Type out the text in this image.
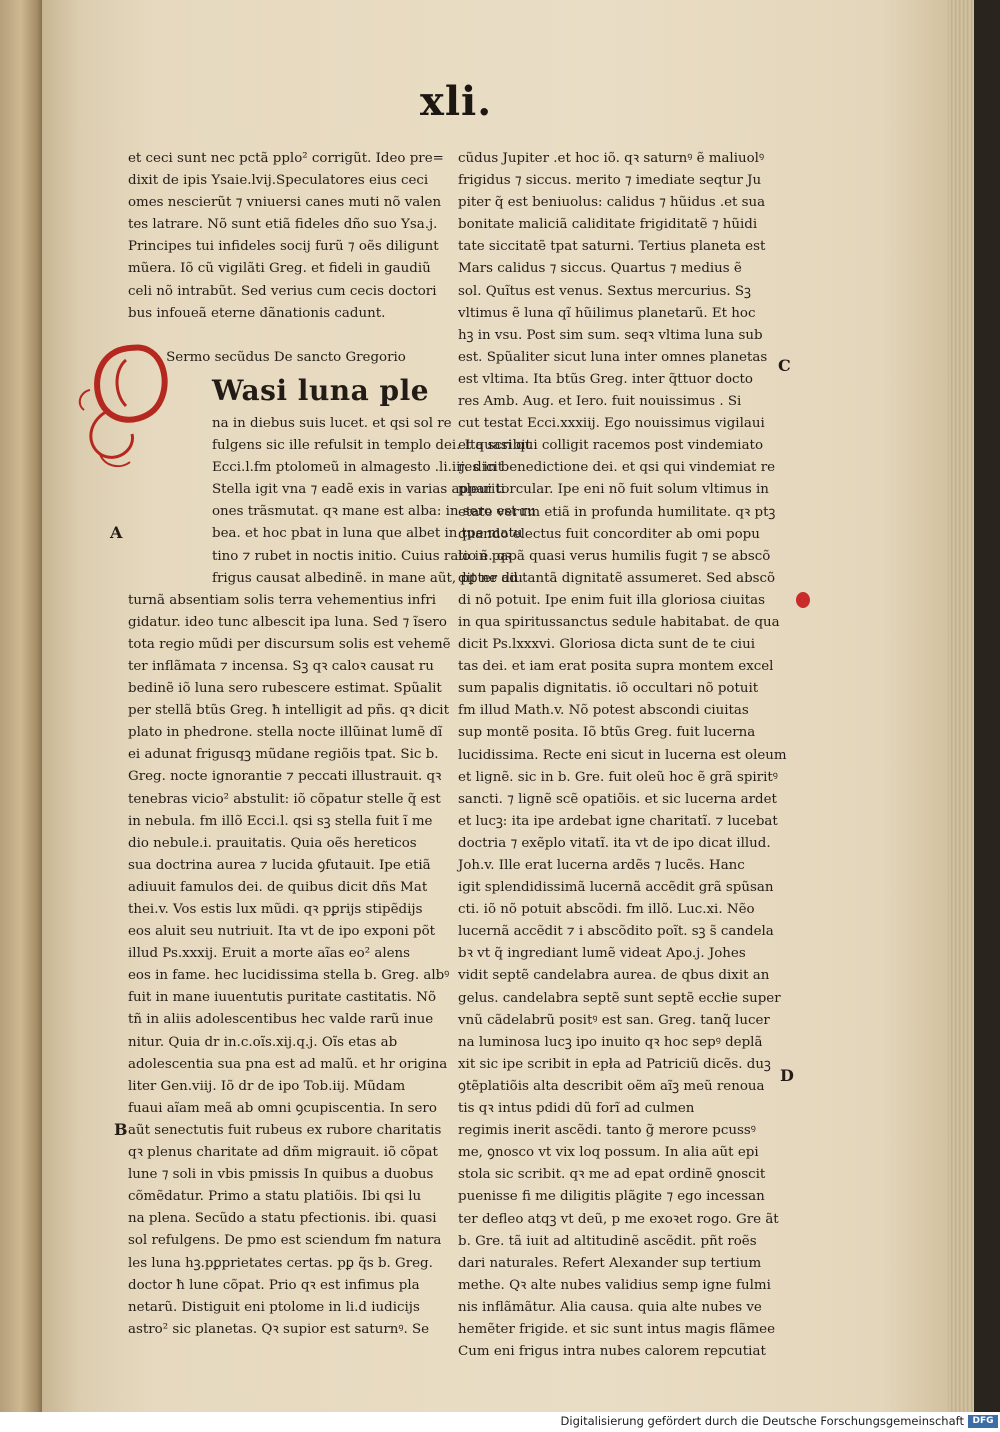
xli.
et ceci sunt nec pctã pplo² corrigũt. Ideo pre=
dixit de ipis Ysaie.lvij.Speculatores eius ceci
omes nescierũt ⁊ vniuersi canes muti nõ valen
tes latrare. Nõ sunt etiã fideles dño suo Ysa.j.
Principes tui infideles socij furũ ⁊ oẽs diligunt
mũera. Iõ cũ vigilãti Greg. et fideli in gaudiũ
celi nõ intrabũt. Sed verius cum cecis doctori
bus infoueã eterne dãnationis cadunt.
Sermo secũdus De sancto Gregorio
Wasi luna ple
na in diebus suis lucet. et qsi sol re
fulgens sic ille refulsit in templo dei. Ita scribit
Ecci.l.fm ptolomeũ in almagesto .li.iij. dicit
Stella igit vna ⁊ eadẽ exis in varias appariti
ones trãsmutat. qꝛ mane est alba: in sero est ru
bea. et hoc pbat in luna que albet in tpe matu
tino ⁊ rubet in noctis initio. Cuius ratio ẽ. qꝛ
frigus causat albedinẽ. in mane aũt, pꝑter diu
turnã absentiam solis terra vehementius infri
gidatur. ideo tunc albescit ipa luna. Sed ⁊ ĩsero
tota regio mũdi per discursum solis est vehemẽ
ter inflãmata ⁊ incensa. Sꝫ qꝛ caloꝛ causat ru
bedinẽ iõ luna sero rubescere estimat. Spũalit
per stellã btũs Greg. ħ intelligit ad pñs. qꝛ dicit
plato in phedrone. stella nocte illũinat lumẽ dĩ
ei adunat frigusqꝫ mũdane regiõis tpat. Sic b.
Greg. nocte ignorantie ⁊ peccati illustrauit. qꝛ
tenebras vicio² abstulit: iõ cõpatur stelle q̃ est
in nebula. fm illõ Ecci.l. qsi sꝫ stella fuit ĩ me
dio nebule.i. prauitatis. Quia oẽs hereticos
sua doctrina aurea ⁊ lucida ꝯfutauit. Ipe etiã
adiuuit famulos dei. de quibus dicit dñs Mat
thei.v. Vos estis lux mũdi. qꝛ pꝑrijs stipẽdijs
eos aluit seu nutriuit. Ita vt de ipo exponi põt
illud Ps.xxxij. Eruit a morte aĩas eo² alens
eos in fame. hec lucidissima stella b. Greg. albꝰ
fuit in mane iuuentutis puritate castitatis. Nõ
tñ in aliis adolescentibus hec valde rarũ inue
nitur. Quia dr in.c.oĩs.xij.q.j. Oĩs etas ab
adolescentia sua pna est ad malũ. et hr origina
liter Gen.viij. Iõ dr de ipo Tob.iij. Mũdam
fuaui aĩam meã ab omni ꝯcupiscentia. In sero
aũt senectutis fuit rubeus ex rubore charitatis
qꝛ plenus charitate ad dñm migrauit. iõ cõpat
lune ⁊ soli in vbis pmissis In quibus a duobus
cõmẽdatur. Primo a statu platiõis. Ibi qsi lu
na plena. Secũdo a statu pfectionis. ibi. quasi
sol refulgens. De pmo est sciendum fm natura
les luna hꝫ.pꝑprietates certas. pꝑ q̃s b. Greg.
doctor ħ lune cõpat. Prio qꝛ est infimus pla
netarũ. Distiguit eni ptolome in li.d iudicijs
astro² sic planetas. Qꝛ supior est saturnꝰ. Se
cũdus Jupiter .et hoc iõ. qꝛ saturnꝰ ẽ maliuolꝰ
frigidus ⁊ siccus. merito ⁊ imediate seqtur Ju
piter q̃ est beniuolus: calidus ⁊ hũidus .et sua
bonitate maliciã caliditate frigiditatẽ ⁊ hũidi
tate siccitatẽ tpat saturni. Tertius planeta est
Mars calidus ⁊ siccus. Quartus ⁊ medius ẽ
sol. Quĩtus est venus. Sextus mercurius. Sꝫ
vltimus ẽ luna qĩ hũilimus planetarũ. Et hoc
hꝫ in vsu. Post sim sum. seqꝛ vltima luna sub
est. Spũaliter sicut luna inter omnes planetas
est vltima. Ita btũs Greg. inter q̃ttuor docto
res Amb. Aug. et Iero. fuit nouissimus . Si
cut testat Ecci.xxxiij. Ego nouissimus vigilaui
et quasi qui colligit racemos post vindemiato
res in benedictione dei. et qsi qui vindemiat re
pleui torcular. Ipe eni nõ fuit solum vltimus in
etate verum etiã in profunda humilitate. qꝛ ptꝫ
quando electus fuit concorditer ab omi popu
lo in papã quasi verus humilis fugit ⁊ se abscõ
dit ne ad tantã dignitatẽ assumeret. Sed abscõ
di nõ potuit. Ipe enim fuit illa gloriosa ciuitas
in qua spiritussanctus sedule habitabat. de qua
dicit Ps.lxxxvi. Gloriosa dicta sunt de te ciui
tas dei. et iam erat posita supra montem excel
sum papalis dignitatis. iõ occultari nõ potuit
fm illud Math.v. Nõ potest abscondi ciuitas
sup montẽ posita. Iõ btũs Greg. fuit lucerna
lucidissima. Recte eni sicut in lucerna est oleum
et lignẽ. sic in b. Gre. fuit oleũ hoc ẽ grã spiritꝰ
sancti. ⁊ lignẽ scẽ opatiõis. et sic lucerna ardet
et lucꝫ: ita ipe ardebat igne charitatĩ. ⁊ lucebat
doctria ⁊ exẽplo vitatĩ. ita vt de ipo dicat illud.
Joh.v. Ille erat lucerna ardẽs ⁊ lucẽs. Hanc
igit splendidissimã lucernã accẽdit grã spũsan
cti. iõ nõ potuit abscõdi. fm illõ. Luc.xi. Nẽo
lucernã accẽdit ⁊ i abscõdito poĩt. sꝫ s̃ candela
bꝛ vt q̃ ingrediant lumẽ videat Apo.j. Johes
vidit septẽ candelabra aurea. de qbus dixit an
gelus. candelabra septẽ sunt septẽ eccłie super
vnũ cãdelabrũ positꝰ est san. Greg. tanq̃ lucer
na luminosa lucꝫ ipo inuito qꝛ hoc sepꝰ deplã
xit sic ipe scribit in epła ad Patriciũ dicẽs. duꝫ
ꝯtẽplatiõis alta describit oẽm aĩꝫ meũ renoua
tis qꝛ intus pdidi dũ forĩ ad culmen
regimis inerit ascẽdi. tanto g̃ merore pcussꝰ
me, ꝯnosco vt vix loq possum. In alia aũt epi
stola sic scribit. qꝛ me ad epat ordinẽ ꝯnoscit
puenisse fi me diligitis plãgite ⁊ ego incessan
ter defleo atqꝫ vt deũ, p me exoꝛet rogo. Gre ãt
b. Gre. tã iuit ad altitudinẽ ascẽdit. pñt roẽs
dari naturales. Refert Alexander sup tertium
methe. Qꝛ alte nubes validius semp igne fulmi
nis inflãmãtur. Alia causa. quia alte nubes ve
hemẽter frigide. et sic sunt intus magis flãmee
Cum eni frigus intra nubes calorem repcutiat
A
B
C
D
Digitalisierung gefördert durch die Deutsche Forschungsgemeinschaft DFG
